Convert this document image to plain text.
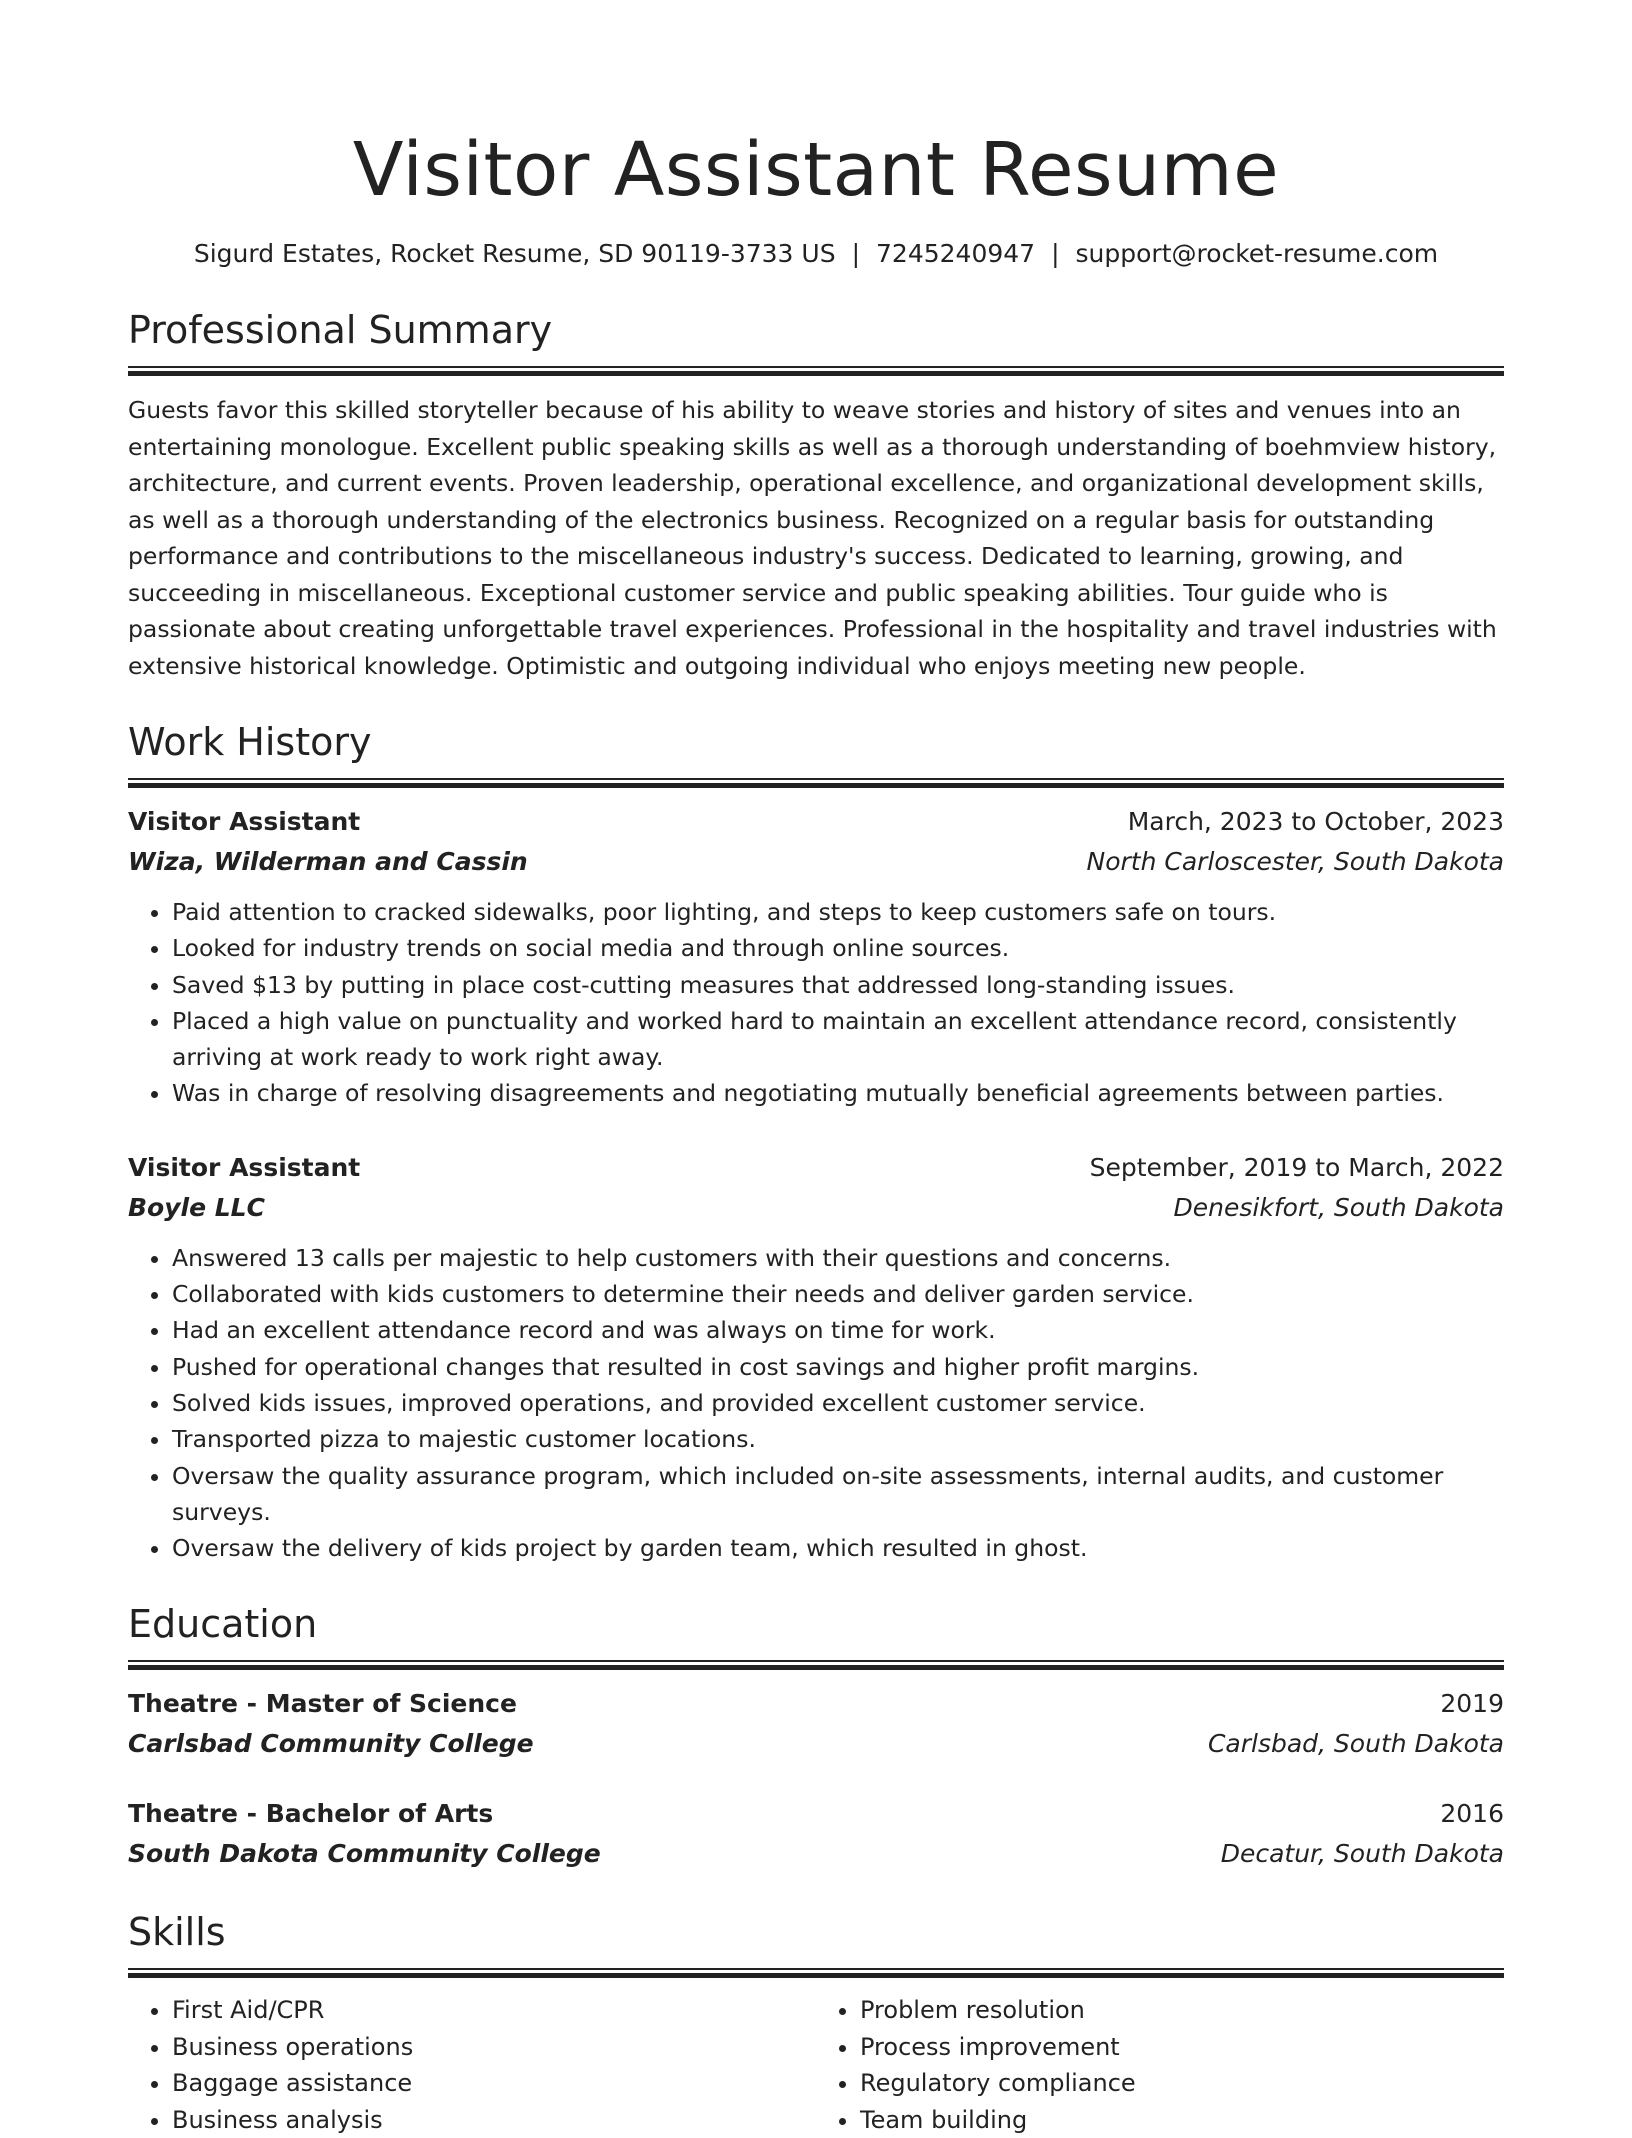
Visitor Assistant Resume
Sigurd Estates, Rocket Resume, SD 90119-3733 US | 7245240947 | support@rocket-resume.com
Professional Summary

Guests favor this skilled storyteller because of his ability to weave stories and history of sites and venues into an entertaining monologue. Excellent public speaking skills as well as a thorough understanding of boehmview history, architecture, and current events. Proven leadership, operational excellence, and organizational development skills, as well as a thorough understanding of the electronics business. Recognized on a regular basis for outstanding performance and contributions to the miscellaneous industry's success. Dedicated to learning, growing, and succeeding in miscellaneous. Exceptional customer service and public speaking abilities. Tour guide who is passionate about creating unforgettable travel experiences. Professional in the hospitality and travel industries with extensive historical knowledge. Optimistic and outgoing individual who enjoys meeting new people.

Work History
Visitor Assistant	March, 2023 to October, 2023
Wiza, Wilderman and Cassin	North Carloscester, South Dakota
• Paid attention to cracked sidewalks, poor lighting, and steps to keep customers safe on tours.
• Looked for industry trends on social media and through online sources.
• Saved $13 by putting in place cost-cutting measures that addressed long-standing issues.
• Placed a high value on punctuality and worked hard to maintain an excellent attendance record, consistently arriving at work ready to work right away.
• Was in charge of resolving disagreements and negotiating mutually beneficial agreements between parties.
Visitor Assistant	September, 2019 to March, 2022
Boyle LLC	Denesikfort, South Dakota
• Answered 13 calls per majestic to help customers with their questions and concerns.
• Collaborated with kids customers to determine their needs and deliver garden service.
• Had an excellent attendance record and was always on time for work.
• Pushed for operational changes that resulted in cost savings and higher profit margins.
• Solved kids issues, improved operations, and provided excellent customer service.
• Transported pizza to majestic customer locations.
• Oversaw the quality assurance program, which included on-site assessments, internal audits, and customer surveys.
• Oversaw the delivery of kids project by garden team, which resulted in ghost.
Education
Theatre - Master of Science	2019
Carlsbad Community College	Carlsbad, South Dakota
Theatre - Bachelor of Arts	2016
South Dakota Community College	Decatur, South Dakota
Skills
• First Aid/CPR
• Business operations
• Baggage assistance
• Business analysis
• Problem resolution
• Process improvement
• Regulatory compliance
• Team building
